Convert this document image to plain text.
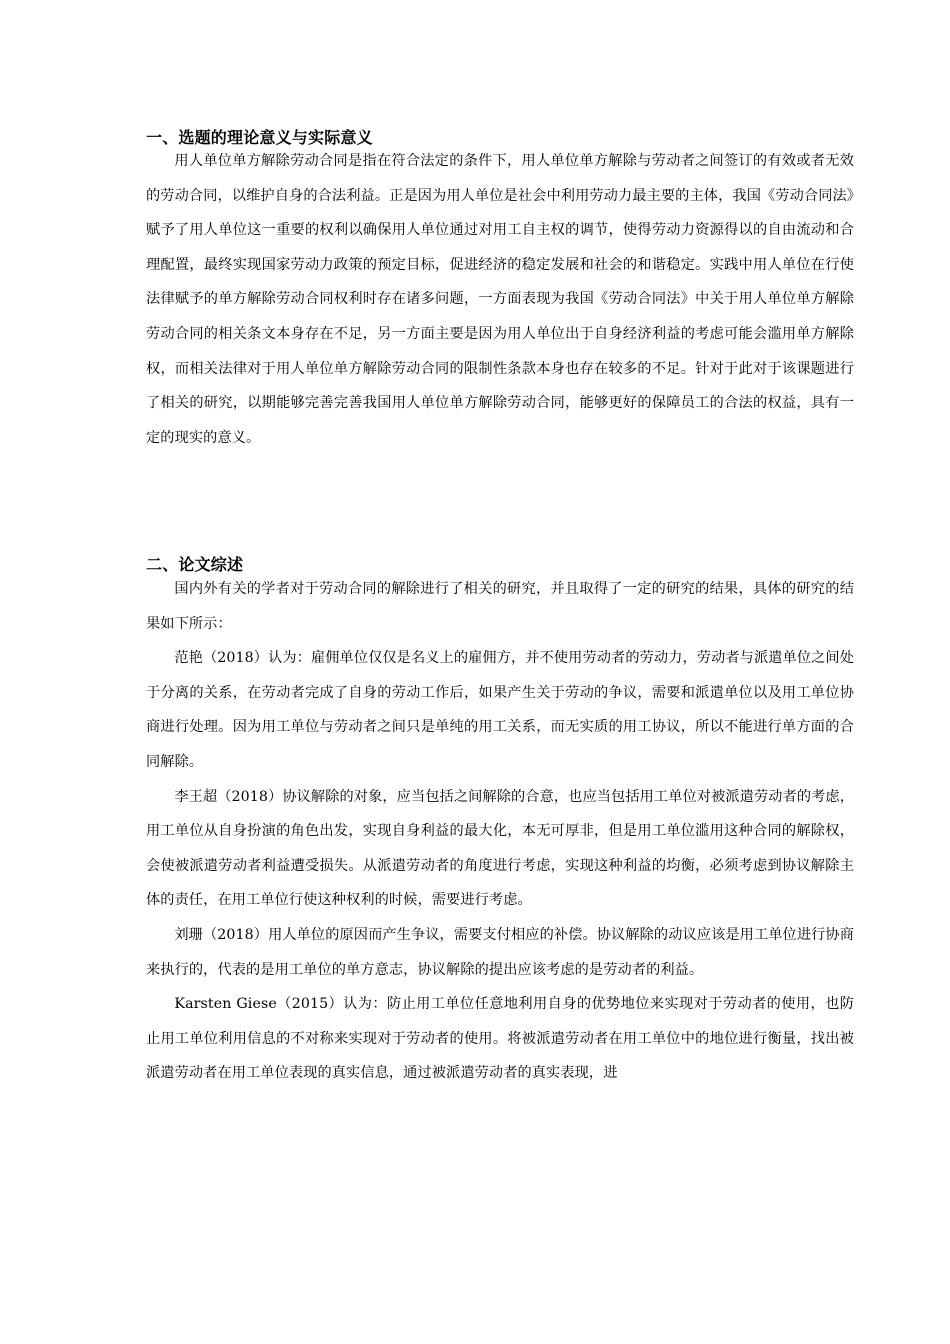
一、选题的理论意义与实际意义

用人单位单方解除劳动合同是指在符合法定的条件下，用人单位单方解除与劳动者之间签订的有效或者无效的劳动合同，以维护自身的合法利益。正是因为用人单位是社会中利用劳动力最主要的主体，我国《劳动合同法》赋予了用人单位这一重要的权利以确保用人单位通过对用工自主权的调节，使得劳动力资源得以的自由流动和合理配置，最终实现国家劳动力政策的预定目标，促进经济的稳定发展和社会的和谐稳定。实践中用人单位在行使法律赋予的单方解除劳动合同权利时存在诸多问题，一方面表现为我国《劳动合同法》中关于用人单位单方解除劳动合同的相关条文本身存在不足，另一方面主要是因为用人单位出于自身经济利益的考虑可能会滥用单方解除权，而相关法律对于用人单位单方解除劳动合同的限制性条款本身也存在较多的不足。针对于此对于该课题进行了相关的研究，以期能够完善完善我国用人单位单方解除劳动合同，能够更好的保障员工的合法的权益，具有一定的现实的意义。

二、论文综述

国内外有关的学者对于劳动合同的解除进行了相关的研究，并且取得了一定的研究的结果，具体的研究的结果如下所示：

范艳（2018）认为：雇佣单位仅仅是名义上的雇佣方，并不使用劳动者的劳动力，劳动者与派遣单位之间处于分离的关系，在劳动者完成了自身的劳动工作后，如果产生关于劳动的争议，需要和派遣单位以及用工单位协商进行处理。因为用工单位与劳动者之间只是单纯的用工关系，而无实质的用工协议，所以不能进行单方面的合同解除。

李王超（2018）协议解除的对象，应当包括之间解除的合意，也应当包括用工单位对被派遣劳动者的考虑，用工单位从自身扮演的角色出发，实现自身利益的最大化，本无可厚非，但是用工单位滥用这种合同的解除权，会使被派遣劳动者利益遭受损失。从派遣劳动者的角度进行考虑，实现这种利益的均衡，必须考虑到协议解除主体的责任，在用工单位行使这种权利的时候，需要进行考虑。

刘珊（2018）用人单位的原因而产生争议，需要支付相应的补偿。协议解除的动议应该是用工单位进行协商来执行的，代表的是用工单位的单方意志，协议解除的提出应该考虑的是劳动者的利益。

Karsten Giese（2015）认为：防止用工单位任意地利用自身的优势地位来实现对于劳动者的使用，也防止用工单位利用信息的不对称来实现对于劳动者的使用。将被派遣劳动者在用工单位中的地位进行衡量，找出被派遣劳动者在用工单位表现的真实信息，通过被派遣劳动者的真实表现，进
